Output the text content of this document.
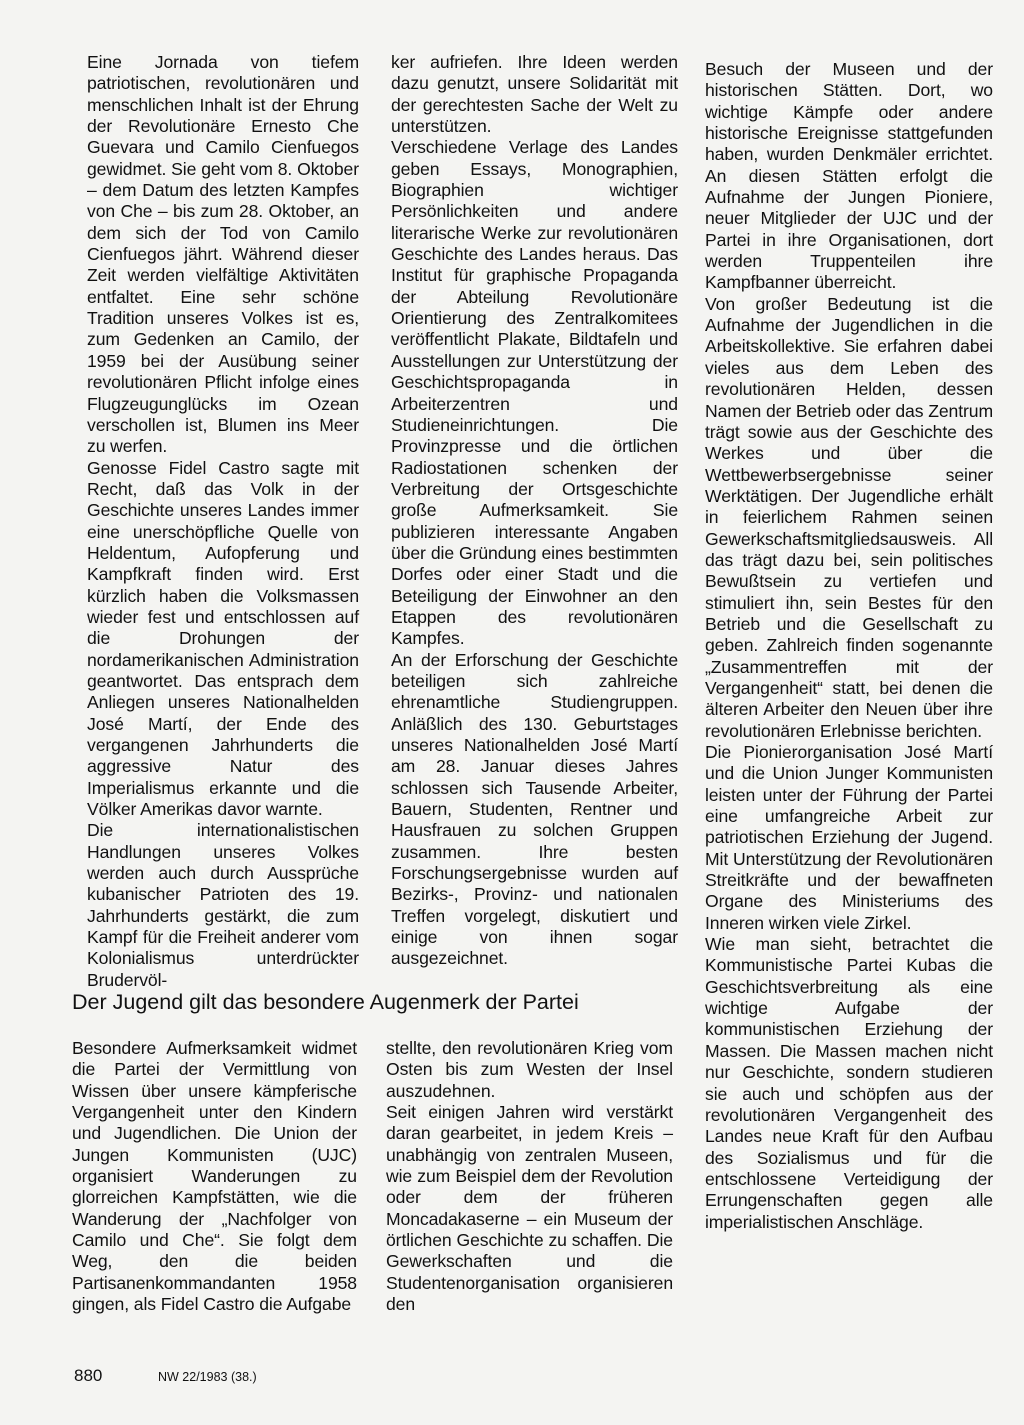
Eine Jornada von tiefem patriotischen, revolutionären und menschlichen Inhalt ist der Ehrung der Revolutionäre Ernesto Che Guevara und Camilo Cienfuegos gewidmet. Sie geht vom 8. Oktober – dem Datum des letzten Kampfes von Che – bis zum 28. Oktober, an dem sich der Tod von Camilo Cienfuegos jährt. Während dieser Zeit werden vielfältige Aktivitäten entfaltet. Eine sehr schöne Tradition unseres Volkes ist es, zum Gedenken an Camilo, der 1959 bei der Ausübung seiner revolutionären Pflicht infolge eines Flugzeugunglücks im Ozean verschollen ist, Blumen ins Meer zu werfen.

Genosse Fidel Castro sagte mit Recht, daß das Volk in der Geschichte unseres Landes immer eine unerschöpfliche Quelle von Heldentum, Aufopferung und Kampfkraft finden wird. Erst kürzlich haben die Volksmassen wieder fest und entschlossen auf die Drohungen der nordamerikanischen Administration geantwortet. Das entsprach dem Anliegen unseres Nationalhelden José Martí, der Ende des vergangenen Jahrhunderts die aggressive Natur des Imperialismus erkannte und die Völker Amerikas davor warnte.

Die internationalistischen Handlungen unseres Volkes werden auch durch Aussprüche kubanischer Patrioten des 19. Jahrhunderts gestärkt, die zum Kampf für die Freiheit anderer vom Kolonialismus unterdrückter Brudervöl-

ker aufriefen. Ihre Ideen werden dazu genutzt, unsere Solidarität mit der gerechtesten Sache der Welt zu unterstützen.

Verschiedene Verlage des Landes geben Essays, Monographien, Biographien wichtiger Persönlichkeiten und andere literarische Werke zur revolutionären Geschichte des Landes heraus. Das Institut für graphische Propaganda der Abteilung Revolutionäre Orientierung des Zentralkomitees veröffentlicht Plakate, Bildtafeln und Ausstellungen zur Unterstützung der Geschichtspropaganda in Arbeiterzentren und Studieneinrichtungen. Die Provinzpresse und die örtlichen Radiostationen schenken der Verbreitung der Ortsgeschichte große Aufmerksamkeit. Sie publizieren interessante Angaben über die Gründung eines bestimmten Dorfes oder einer Stadt und die Beteiligung der Einwohner an den Etappen des revolutionären Kampfes.

An der Erforschung der Geschichte beteiligen sich zahlreiche ehrenamtliche Studiengruppen. Anläßlich des 130. Geburtstages unseres Nationalhelden José Martí am 28. Januar dieses Jahres schlossen sich Tausende Arbeiter, Bauern, Studenten, Rentner und Hausfrauen zu solchen Gruppen zusammen. Ihre besten Forschungsergebnisse wurden auf Bezirks-, Provinz- und nationalen Treffen vorgelegt, diskutiert und einige von ihnen sogar ausgezeichnet.

Besuch der Museen und der historischen Stätten. Dort, wo wichtige Kämpfe oder andere historische Ereignisse stattgefunden haben, wurden Denkmäler errichtet. An diesen Stätten erfolgt die Aufnahme der Jungen Pioniere, neuer Mitglieder der UJC und der Partei in ihre Organisationen, dort werden Truppenteilen ihre Kampfbanner überreicht.

Von großer Bedeutung ist die Aufnahme der Jugendlichen in die Arbeitskollektive. Sie erfahren dabei vieles aus dem Leben des revolutionären Helden, dessen Namen der Betrieb oder das Zentrum trägt sowie aus der Geschichte des Werkes und über die Wettbewerbsergebnisse seiner Werktätigen. Der Jugendliche erhält in feierlichem Rahmen seinen Gewerkschaftsmitgliedsausweis. All das trägt dazu bei, sein politisches Bewußtsein zu vertiefen und stimuliert ihn, sein Bestes für den Betrieb und die Gesellschaft zu geben. Zahlreich finden sogenannte „Zusammentreffen mit der Vergangenheit“ statt, bei denen die älteren Arbeiter den Neuen über ihre revolutionären Erlebnisse berichten.

Die Pionierorganisation José Martí und die Union Junger Kommunisten leisten unter der Führung der Partei eine umfangreiche Arbeit zur patriotischen Erziehung der Jugend. Mit Unterstützung der Revolutionären Streitkräfte und der bewaffneten Organe des Ministeriums des Inneren wirken viele Zirkel.

Wie man sieht, betrachtet die Kommunistische Partei Kubas die Geschichtsverbreitung als eine wichtige Aufgabe der kommunistischen Erziehung der Massen. Die Massen machen nicht nur Geschichte, sondern studieren sie auch und schöpfen aus der revolutionären Vergangenheit des Landes neue Kraft für den Aufbau des Sozialismus und für die entschlossene Verteidigung der Errungenschaften gegen alle imperialistischen Anschläge.

Der Jugend gilt das besondere Augenmerk der Partei

Besondere Aufmerksamkeit widmet die Partei der Vermittlung von Wissen über unsere kämpferische Vergangenheit unter den Kindern und Jugendlichen. Die Union der Jungen Kommunisten (UJC) organisiert Wanderungen zu glorreichen Kampfstätten, wie die Wanderung der „Nachfolger von Camilo und Che“. Sie folgt dem Weg, den die beiden Partisanenkommandanten 1958 gingen, als Fidel Castro die Aufgabe

stellte, den revolutionären Krieg vom Osten bis zum Westen der Insel auszudehnen.

Seit einigen Jahren wird verstärkt daran gearbeitet, in jedem Kreis – unabhängig von zentralen Museen, wie zum Beispiel dem der Revolution oder dem der früheren Moncadakaserne – ein Museum der örtlichen Geschichte zu schaffen. Die Gewerkschaften und die Studentenorganisation organisieren den

880	NW 22/1983 (38.)
